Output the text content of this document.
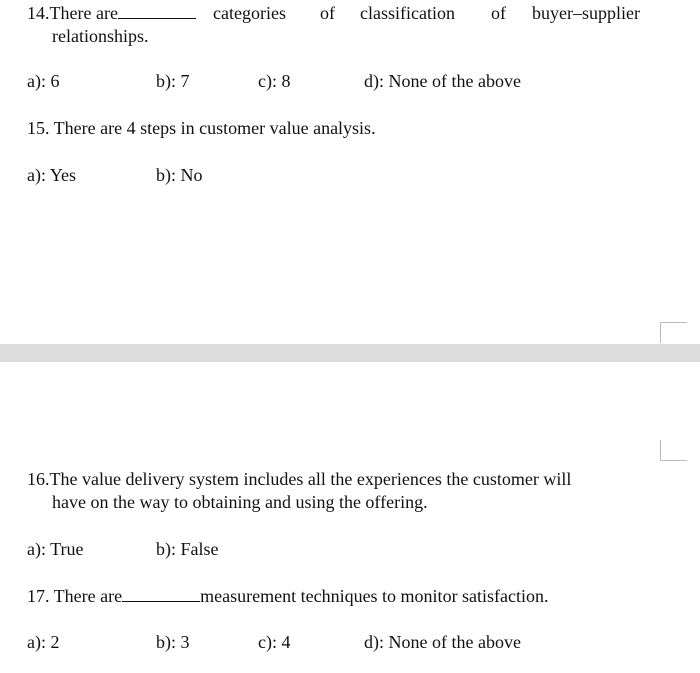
14.There are	categories of classification of buyer–supplier
relationships.
a): 6	b): 7	c): 8	d): None of the above
15. There are 4 steps in customer value analysis.
a): Yes	b): No
16.The value delivery system includes all the experiences the customer will
have on the way to obtaining and using the offering.
a): True	b): False
17. There are	measurement techniques to monitor satisfaction.
a): 2	b): 3	c): 4	d): None of the above
